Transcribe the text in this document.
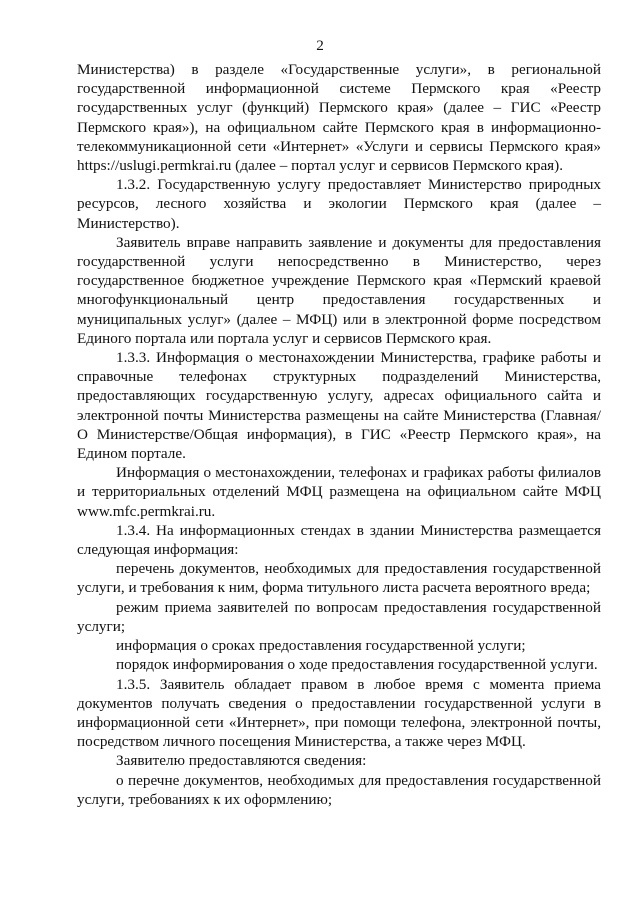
2

Министерства) в разделе «Государственные услуги», в региональной государственной информационной системе Пермского края «Реестр государственных услуг (функций) Пермского края» (далее – ГИС «Реестр Пермского края»), на официальном сайте Пермского края в информационно-телекоммуникационной сети «Интернет» «Услуги и сервисы Пермского края» https://uslugi.permkrai.ru (далее – портал услуг и сервисов Пермского края).

1.3.2. Государственную услугу предоставляет Министерство природных ресурсов, лесного хозяйства и экологии Пермского края (далее – Министерство).

Заявитель вправе направить заявление и документы для предоставления государственной услуги непосредственно в Министерство, через государственное бюджетное учреждение Пермского края «Пермский краевой многофункциональный центр предоставления государственных и муниципальных услуг» (далее – МФЦ) или в электронной форме посредством Единого портала или портала услуг и сервисов Пермского края.

1.3.3. Информация о местонахождении Министерства, графике работы и справочные телефонах структурных подразделений Министерства, предоставляющих государственную услугу, адресах официального сайта и электронной почты Министерства размещены на сайте Министерства (Главная/О Министерстве/Общая информация), в ГИС «Реестр Пермского края», на Едином портале.

Информация о местонахождении, телефонах и графиках работы филиалов и территориальных отделений МФЦ размещена на официальном сайте МФЦ www.mfc.permkrai.ru.

1.3.4. На информационных стендах в здании Министерства размещается следующая информация:

перечень документов, необходимых для предоставления государственной услуги, и требования к ним, форма титульного листа расчета вероятного вреда;

режим приема заявителей по вопросам предоставления государственной услуги;

информация о сроках предоставления государственной услуги;

порядок информирования о ходе предоставления государственной услуги.

1.3.5. Заявитель обладает правом в любое время с момента приема документов получать сведения о предоставлении государственной услуги в информационной сети «Интернет», при помощи телефона, электронной почты, посредством личного посещения Министерства, а также через МФЦ.

Заявителю предоставляются сведения:

о перечне документов, необходимых для предоставления государственной услуги, требованиях к их оформлению;
